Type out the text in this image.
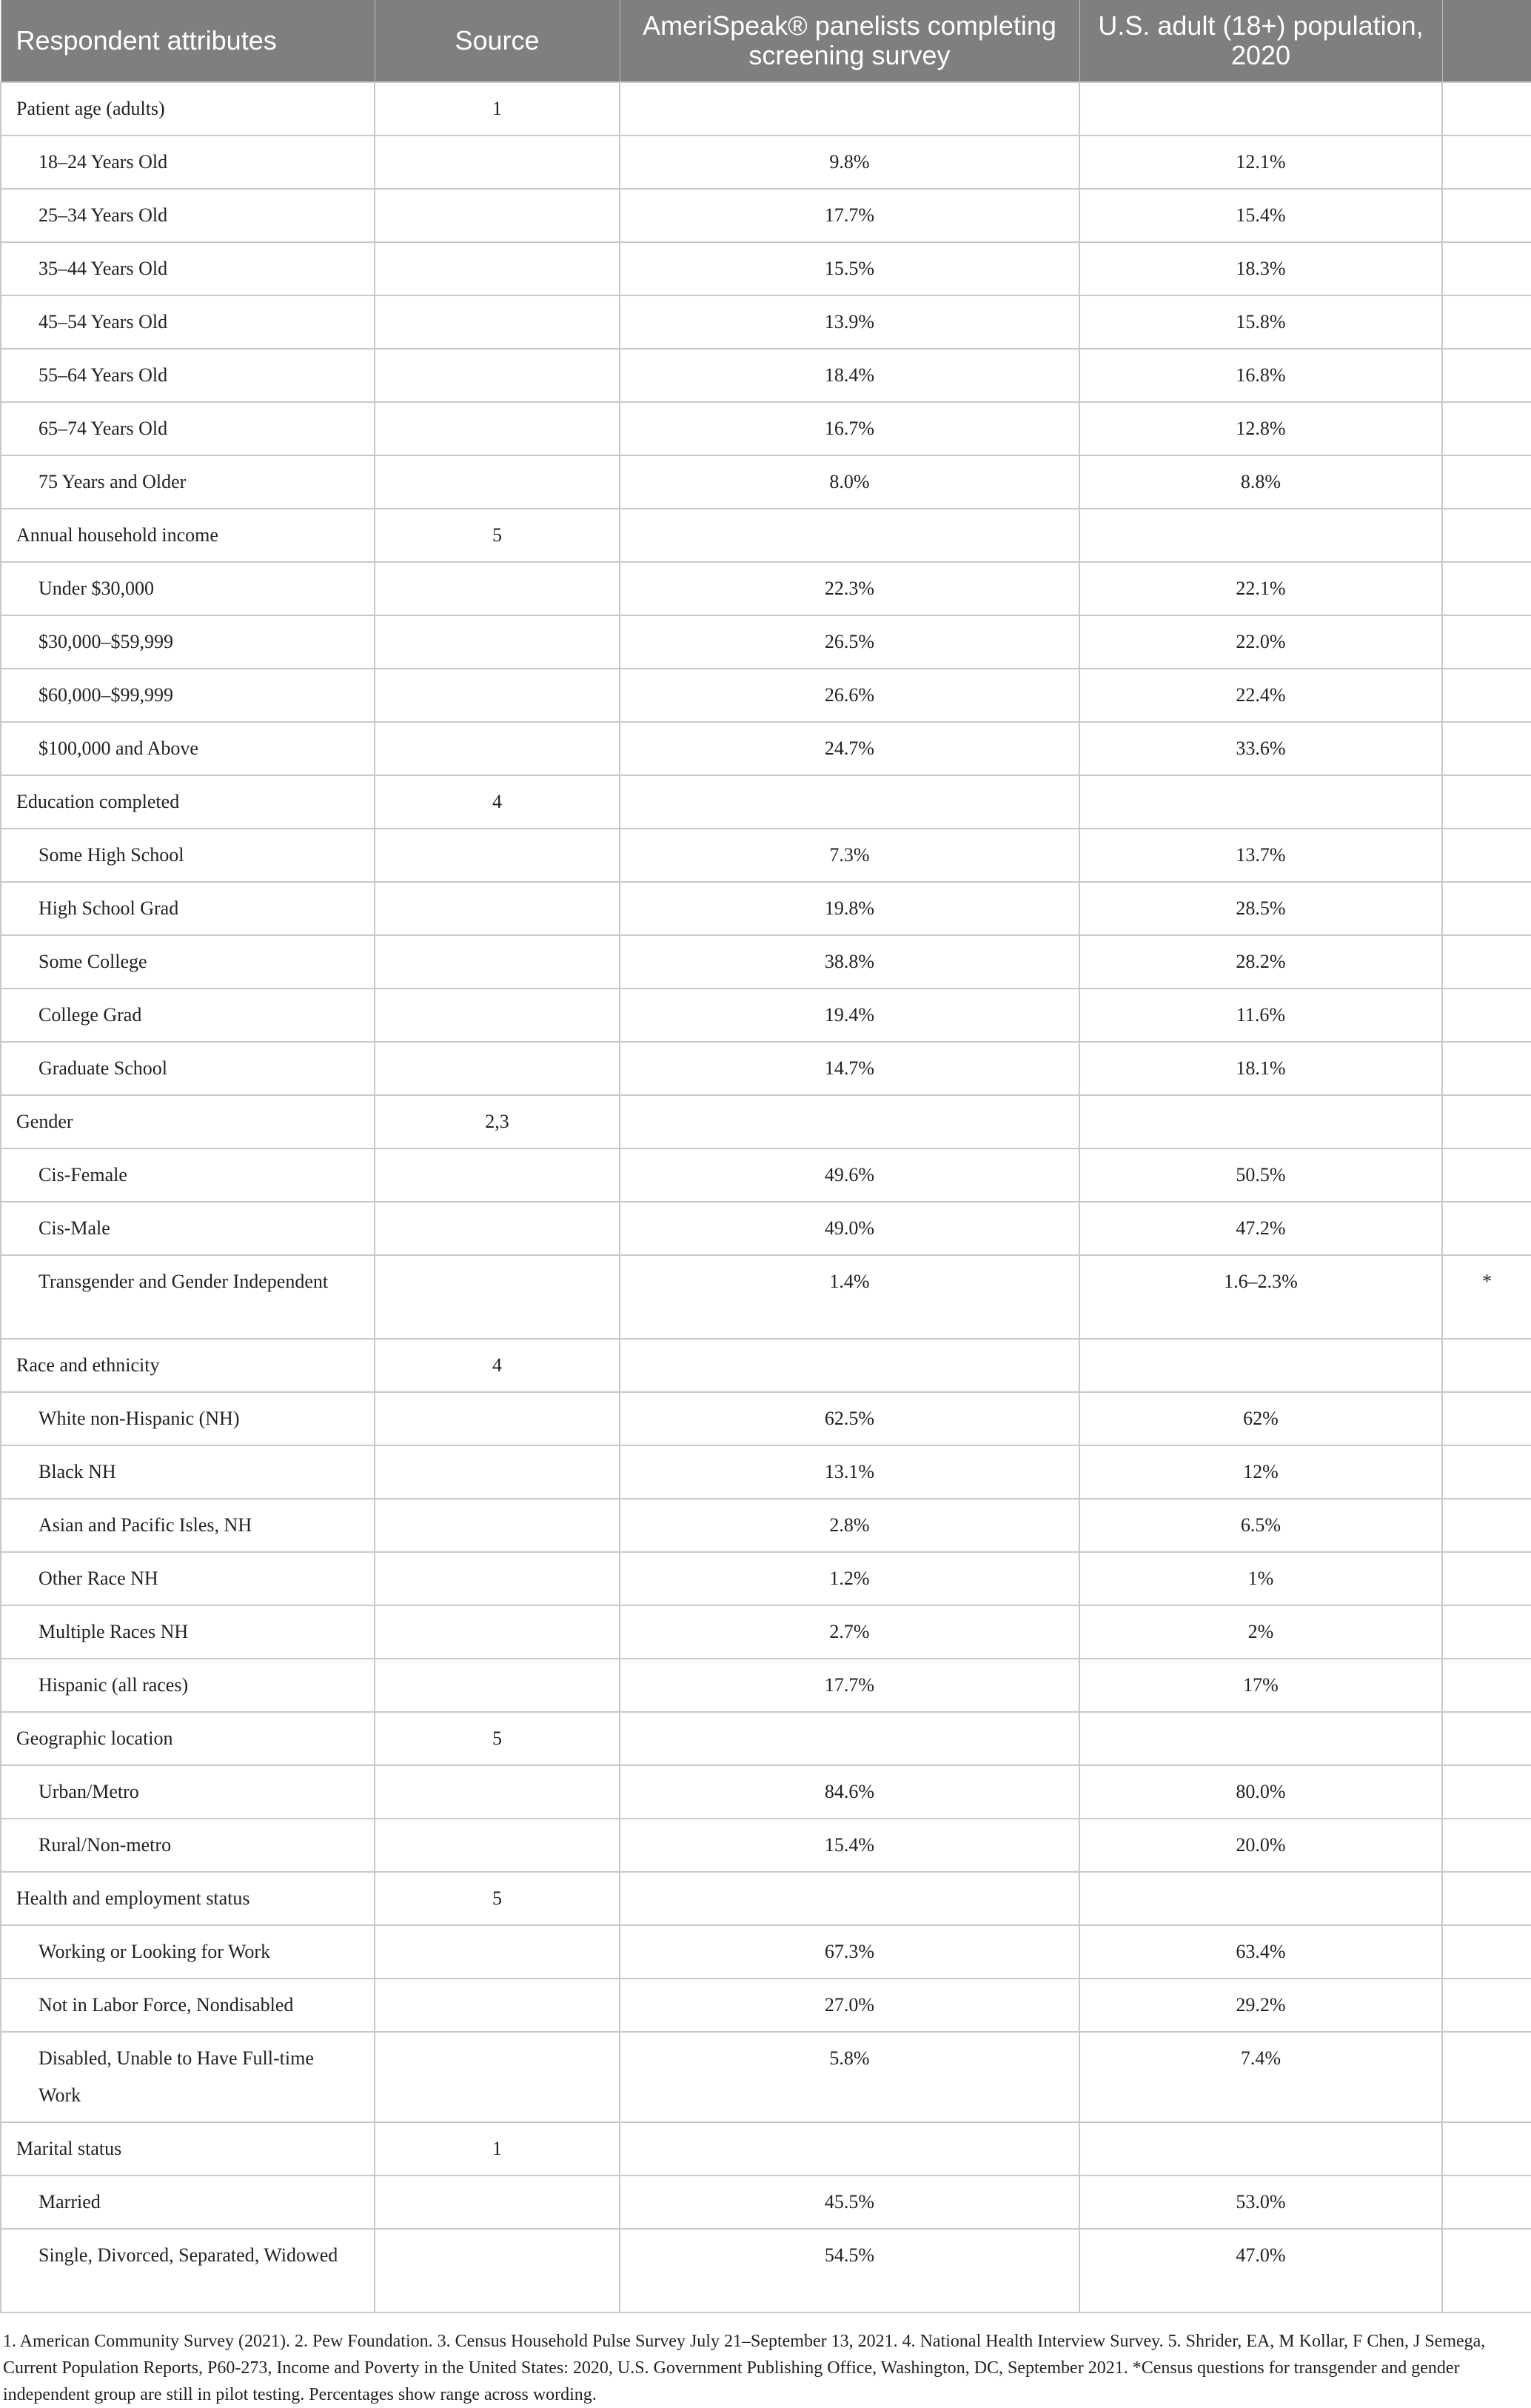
Respondent attributes	Source	AmeriSpeak® panelists completing screening survey	U.S. adult (18+) population, 2020	
Patient age (adults)	1			
18–24 Years Old		9.8%	12.1%	
25–34 Years Old		17.7%	15.4%	
35–44 Years Old		15.5%	18.3%	
45–54 Years Old		13.9%	15.8%	
55–64 Years Old		18.4%	16.8%	
65–74 Years Old		16.7%	12.8%	
75 Years and Older		8.0%	8.8%	
Annual household income	5			
Under $30,000		22.3%	22.1%	
$30,000–$59,999		26.5%	22.0%	
$60,000–$99,999		26.6%	22.4%	
$100,000 and Above		24.7%	33.6%	
Education completed	4			
Some High School		7.3%	13.7%	
High School Grad		19.8%	28.5%	
Some College		38.8%	28.2%	
College Grad		19.4%	11.6%	
Graduate School		14.7%	18.1%	
Gender	2,3			
Cis-Female		49.6%	50.5%	
Cis-Male		49.0%	47.2%	
Transgender and Gender Independent		1.4%	1.6–2.3%	*
Race and ethnicity	4			
White non-Hispanic (NH)		62.5%	62%	
Black NH		13.1%	12%	
Asian and Pacific Isles, NH		2.8%	6.5%	
Other Race NH		1.2%	1%	
Multiple Races NH		2.7%	2%	
Hispanic (all races)		17.7%	17%	
Geographic location	5			
Urban/Metro		84.6%	80.0%	
Rural/Non-metro		15.4%	20.0%	
Health and employment status	5			
Working or Looking for Work		67.3%	63.4%	
Not in Labor Force, Nondisabled		27.0%	29.2%	
Disabled, Unable to Have Full-time Work		5.8%	7.4%	
Marital status	1			
Married		45.5%	53.0%	
Single, Divorced, Separated, Widowed		54.5%	47.0%	
1. American Community Survey (2021). 2. Pew Foundation. 3. Census Household Pulse Survey July 21–September 13, 2021. 4. National Health Interview Survey. 5. Shrider, EA, M Kollar, F Chen, J Semega, Current Population Reports, P60-273, Income and Poverty in the United States: 2020, U.S. Government Publishing Office, Washington, DC, September 2021. *Census questions for transgender and gender independent group are still in pilot testing. Percentages show range across wording.
